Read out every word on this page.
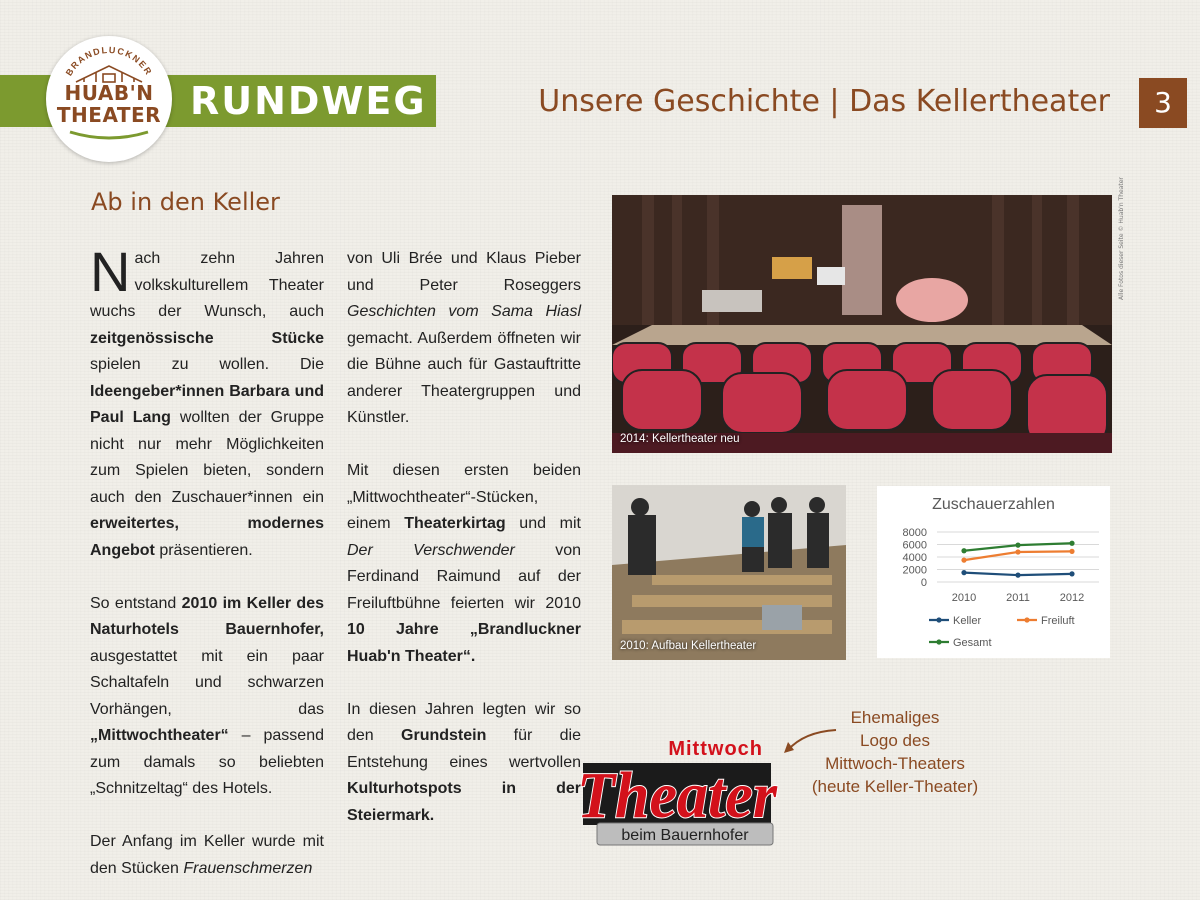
RUNDWEG
BRANDLUCKNER
HUAB'N
THEATER	Unsere Geschichte | Das Kellertheater	3
Ab in den Keller

Nach zehn Jahren volkskulturellem Theater wuchs der Wunsch, auch zeitgenössische Stücke spielen zu wollen. Die Ideengeber*innen Barbara und Paul Lang wollten der Gruppe nicht nur mehr Möglichkeiten zum Spielen bieten, sondern auch den Zuschauer*innen ein erweitertes, modernes Angebot präsentieren.

So entstand 2010 im Keller des Naturhotels Bauernhofer, ausgestattet mit ein paar Schaltafeln und schwarzen Vorhängen, das „Mittwochtheater“ – passend zum damals so beliebten „Schnitzeltag“ des Hotels.

Der Anfang im Keller wurde mit den Stücken Frauenschmerzen

von Uli Brée und Klaus Pieber und Peter Roseggers Geschichten vom Sama Hiasl gemacht. Außerdem öffneten wir die Bühne auch für Gastauftritte anderer Theatergruppen und Künstler.

Mit diesen ersten beiden „Mittwochtheater“-Stücken, einem Theaterkirtag und mit Der Verschwender von Ferdinand Raimund auf der Freiluftbühne feierten wir 2010 10 Jahre „Brandluckner Huab'n Theater“.

In diesen Jahren legten wir so den Grundstein für die Entstehung eines wertvollen Kulturhotspots in der Steiermark.

2014: Kellertheater neu
Alle Fotos dieser Seite © Huab'n Theater
2010: Aufbau Kellertheater
Zuschauerzahlen
0
2000
4000
6000
8000
2010	2011	2012
Keller	Freiluft
Gesamt
Ehemaliges
Logo des
Mittwoch-Theaters
(heute Keller-Theater)
Mittwoch
Theater
beim Bauernhofer
